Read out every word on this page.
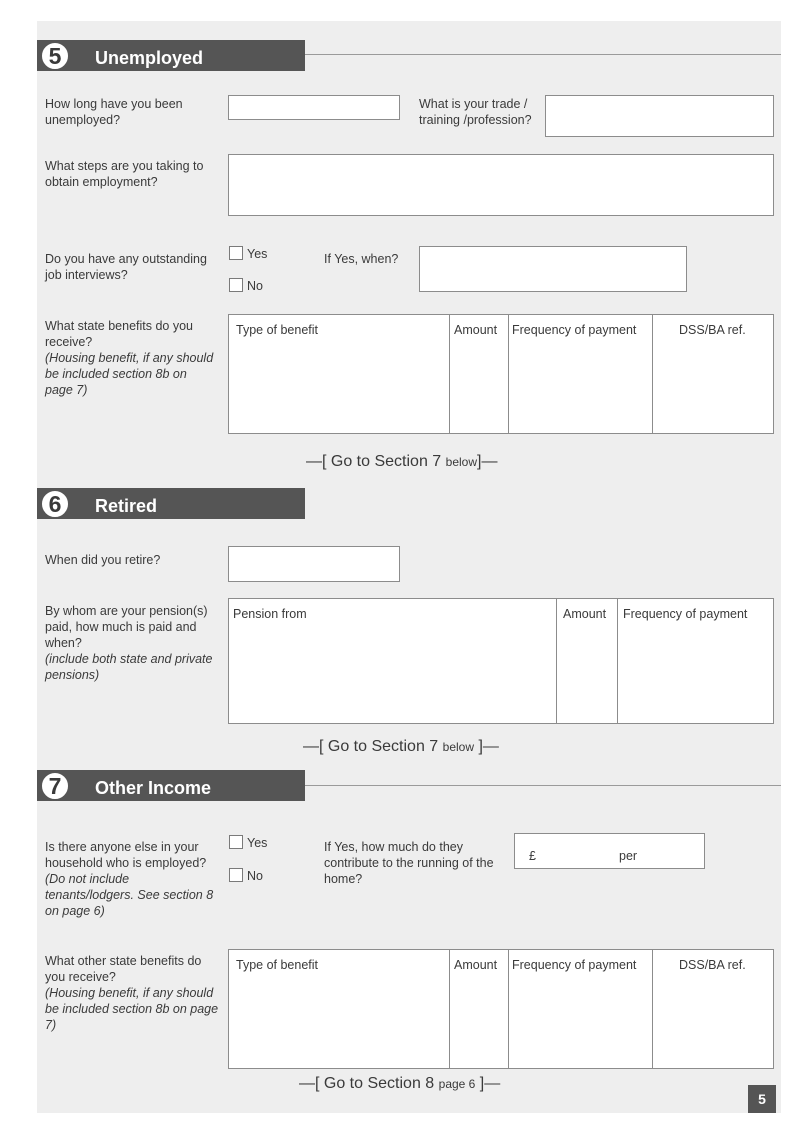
5	Unemployed
How long have you been unemployed?
What is your trade / training /profession?
What steps are you taking to obtain employment?
Do you have any outstanding job interviews?
Yes
No
If Yes, when?
What state benefits do you receive?
(Housing benefit, if any should be included section 8b on page 7)
Type of benefit	Amount Frequency of payment	DSS/BA ref.
—[ Go to Section 7 below]—
6	Retired
When did you retire?
By whom are your pension(s) paid, how much is paid and when?
(include both state and private pensions)
Pension from	Amount Frequency of payment
—[ Go to Section 7 below ]—
7	Other Income
Is there anyone else in your household who is employed?
(Do not include tenants/lodgers. See section 8 on page 6)
Yes
No
If Yes, how much do they contribute to the running of the home?
£	per
What other state benefits do you receive?
(Housing benefit, if any should be included section 8b on page 7)
Type of benefit	Amount Frequency of payment	DSS/BA ref.
—[ Go to Section 8 page 6 ]—
5
